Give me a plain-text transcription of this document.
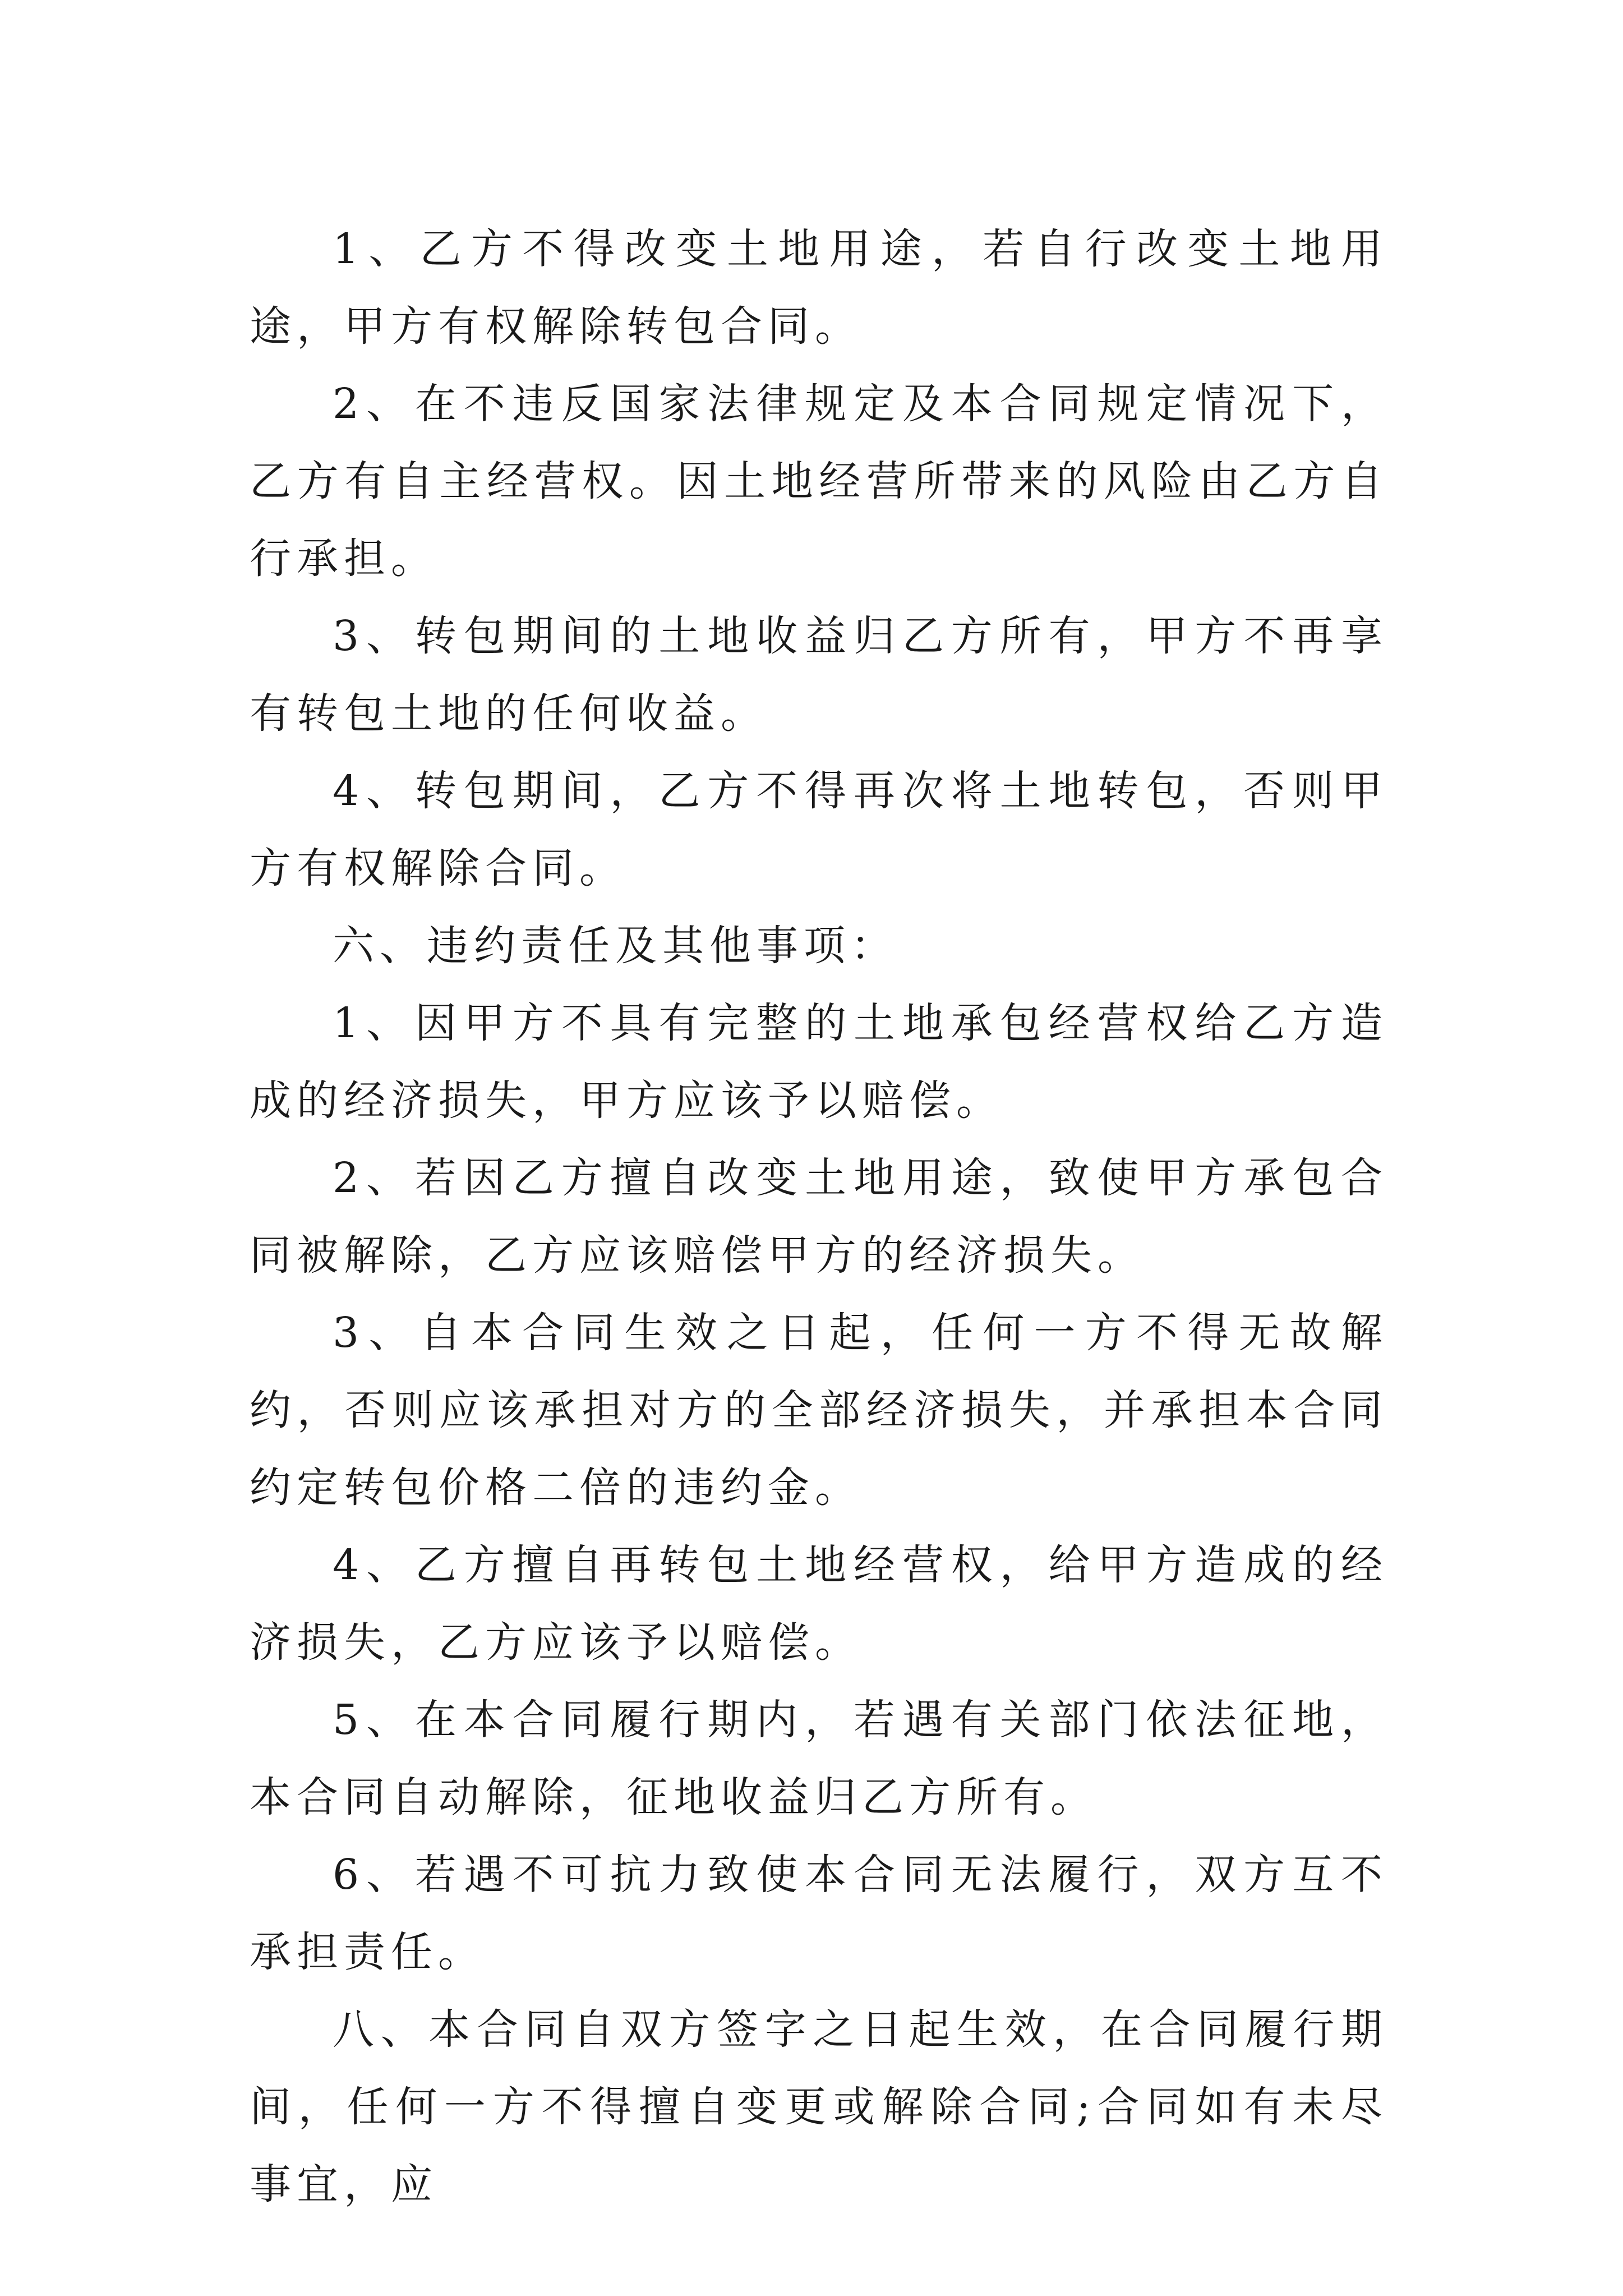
1、乙方不得改变土地用途，若自行改变土地用途，甲方有权解除转包合同。

2、在不违反国家法律规定及本合同规定情况下，乙方有自主经营权。因土地经营所带来的风险由乙方自行承担。

3、转包期间的土地收益归乙方所有，甲方不再享有转包土地的任何收益。

4、转包期间，乙方不得再次将土地转包，否则甲方有权解除合同。

六、违约责任及其他事项：

1、因甲方不具有完整的土地承包经营权给乙方造成的经济损失，甲方应该予以赔偿。

2、若因乙方擅自改变土地用途，致使甲方承包合同被解除，乙方应该赔偿甲方的经济损失。

3、自本合同生效之日起，任何一方不得无故解约，否则应该承担对方的全部经济损失，并承担本合同约定转包价格二倍的违约金。

4、乙方擅自再转包土地经营权，给甲方造成的经济损失，乙方应该予以赔偿。

5、在本合同履行期内，若遇有关部门依法征地，本合同自动解除，征地收益归乙方所有。

6、若遇不可抗力致使本合同无法履行，双方互不承担责任。

八、本合同自双方签字之日起生效，在合同履行期间，任何一方不得擅自变更或解除合同;合同如有未尽事宜，应
